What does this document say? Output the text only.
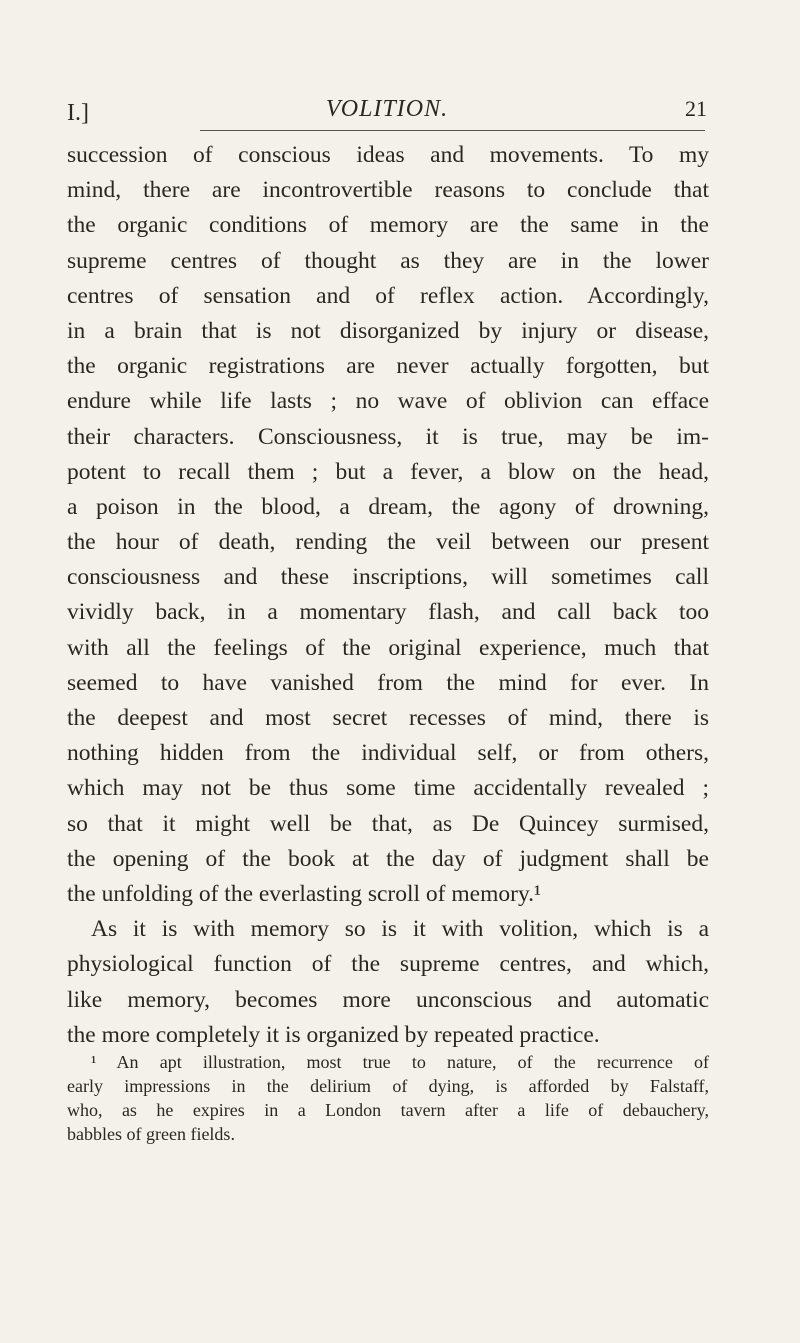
I.]	VOLITION.	21
succession of conscious ideas and movements. To my
mind, there are incontrovertible reasons to conclude that
the organic conditions of memory are the same in the
supreme centres of thought as they are in the lower
centres of sensation and of reflex action. Accordingly,
in a brain that is not disorganized by injury or disease,
the organic registrations are never actually forgotten, but
endure while life lasts ; no wave of oblivion can efface
their characters. Consciousness, it is true, may be im-
potent to recall them ; but a fever, a blow on the head,
a poison in the blood, a dream, the agony of drowning,
the hour of death, rending the veil between our present
consciousness and these inscriptions, will sometimes call
vividly back, in a momentary flash, and call back too
with all the feelings of the original experience, much that
seemed to have vanished from the mind for ever. In
the deepest and most secret recesses of mind, there is
nothing hidden from the individual self, or from others,
which may not be thus some time accidentally revealed ;
so that it might well be that, as De Quincey surmised,
the opening of the book at the day of judgment shall be
the unfolding of the everlasting scroll of memory.¹
As it is with memory so is it with volition, which is a
physiological function of the supreme centres, and which,
like memory, becomes more unconscious and automatic
the more completely it is organized by repeated practice.
¹ An apt illustration, most true to nature, of the recurrence of
early impressions in the delirium of dying, is afforded by Falstaff,
who, as he expires in a London tavern after a life of debauchery,
babbles of green fields.
